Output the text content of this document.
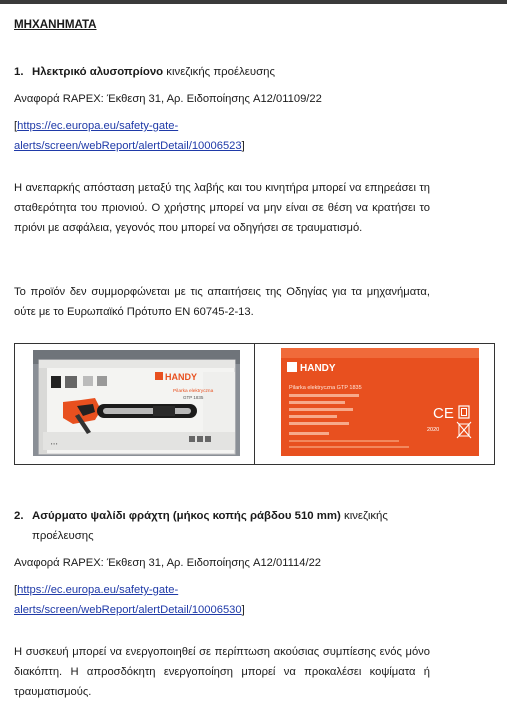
ΜΗΧΑΝΗΜΑΤΑ
1. Ηλεκτρικό αλυσοπρίονο κινεζικής προέλευσης
Αναφορά RAPEX: Έκθεση 31, Αρ. Ειδοποίησης A12/01109/22
[https://ec.europa.eu/safety-gate-
alerts/screen/webReport/alertDetail/10006523]
Η ανεπαρκής απόσταση μεταξύ της λαβής και του κινητήρα μπορεί να επηρεάσει τη σταθερότητα του πριονιού. Ο χρήστης μπορεί να μην είναι σε θέση να κρατήσει το πριόνι με ασφάλεια, γεγονός που μπορεί να οδηγήσει σε τραυματισμό.
Το προϊόν δεν συμμορφώνεται με τις απαιτήσεις της Οδηγίας για τα μηχανήματα, ούτε με το Ευρωπαϊκό Πρότυπο EN 60745-2-13.
HANDY
Pilarka elektryczna
GTP 1835
▪ ▪ ▪
HANDY
Pilarka elektryczna GTP 1835
CE
2020
2. Ασύρματο ψαλίδι φράχτη (μήκος κοπής ράβδου 510 mm) κινεζικής
προέλευσης
Αναφορά RAPEX: Έκθεση 31, Αρ. Ειδοποίησης A12/01114/22
[https://ec.europa.eu/safety-gate-
alerts/screen/webReport/alertDetail/10006530]
Η συσκευή μπορεί να ενεργοποιηθεί σε περίπτωση ακούσιας συμπίεσης ενός μόνο διακόπτη. Η απροσδόκητη ενεργοποίηση μπορεί να προκαλέσει κοψίματα ή τραυματισμούς.
